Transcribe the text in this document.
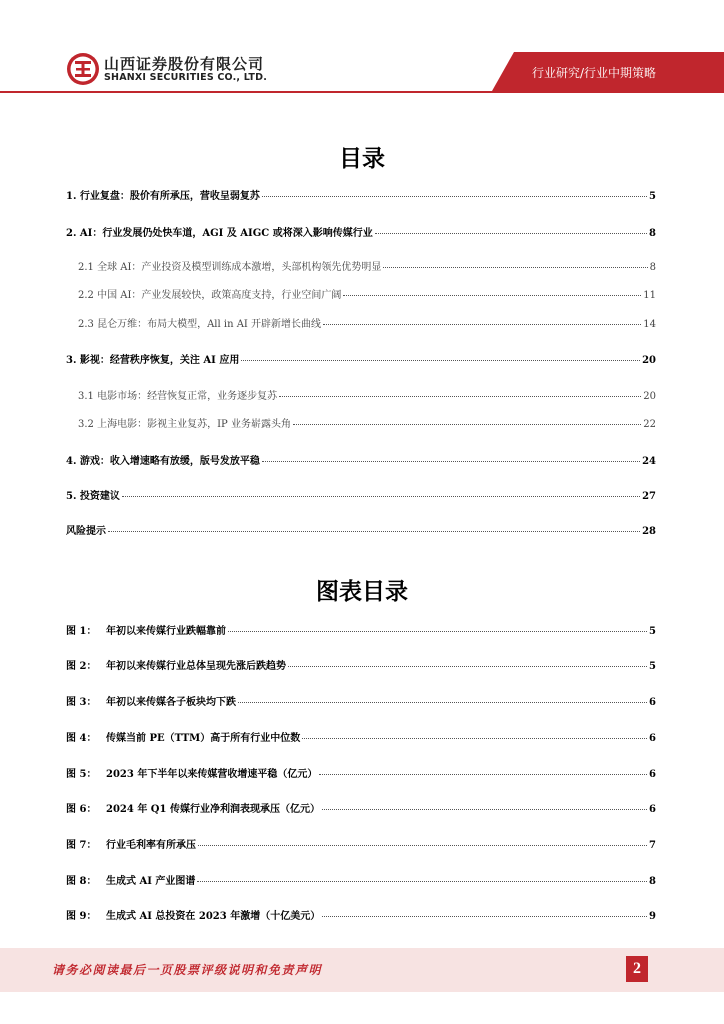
山西证券股份有限公司
SHANXI SECURITIES CO., LTD.	行业研究/行业中期策略
目录
1. 行业复盘：股价有所承压，营收呈弱复苏	5
2. AI：行业发展仍处快车道，AGI 及 AIGC 或将深入影响传媒行业	8
2.1 全球 AI：产业投资及模型训练成本激增，头部机构领先优势明显	8
2.2 中国 AI：产业发展较快，政策高度支持，行业空间广阔	11
2.3 昆仑万维：布局大模型，All in AI 开辟新增长曲线	14
3. 影视：经营秩序恢复，关注 AI 应用	20
3.1 电影市场：经营恢复正常，业务逐步复苏	20
3.2 上海电影：影视主业复苏，IP 业务崭露头角	22
4. 游戏：收入增速略有放缓，版号发放平稳	24
5. 投资建议	27
风险提示	28
图表目录
图 1： 年初以来传媒行业跌幅靠前	5
图 2： 年初以来传媒行业总体呈现先涨后跌趋势	5
图 3： 年初以来传媒各子板块均下跌	6
图 4： 传媒当前 PE（TTM）高于所有行业中位数	6
图 5： 2023 年下半年以来传媒营收增速平稳（亿元）	6
图 6： 2024 年 Q1 传媒行业净利润表现承压（亿元）	6
图 7： 行业毛利率有所承压	7
图 8： 生成式 AI 产业图谱	8
图 9： 生成式 AI 总投资在 2023 年激增（十亿美元）	9
请务必阅读最后一页股票评级说明和免责声明	2
